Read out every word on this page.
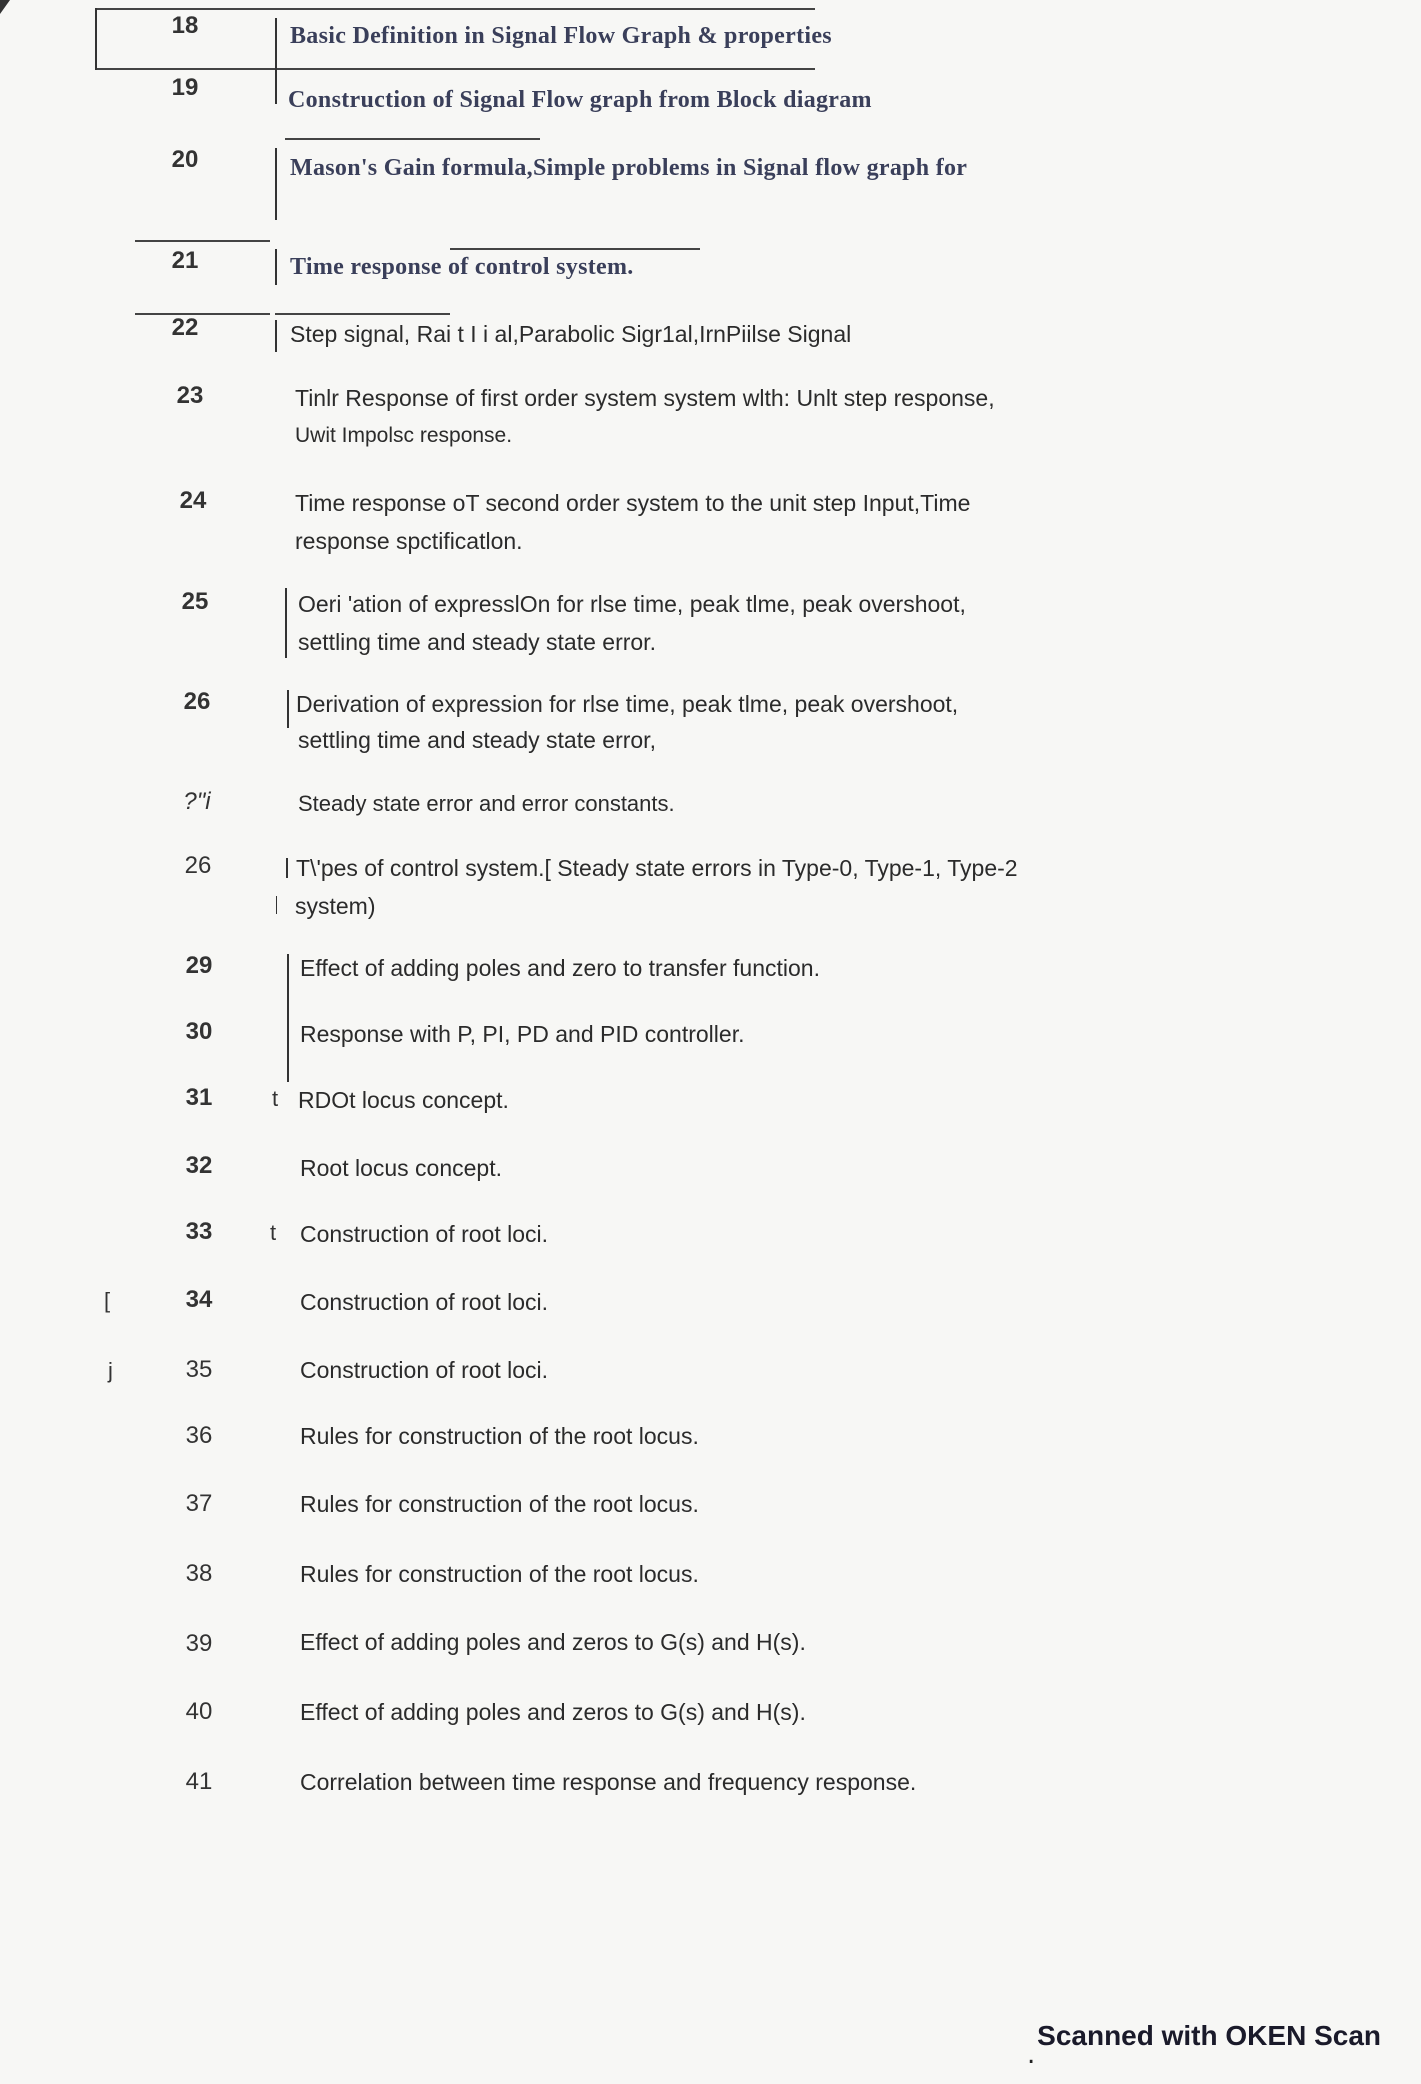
18	Basic Definition in Signal Flow Graph & properties
19	Construction of Signal Flow graph from Block diagram
20	Mason's Gain formula,Simple problems in Signal flow graph for
21	Time response of control system.
22	Step signal, Rai t I i al,Parabolic Sigr1al,IrnPiilse Signal
23	Tinlr Response of first order system system wlth: Unlt step response,
Uwit Impolsc response.
24	Time response oT second order system to the unit step Input,Time
response spctificatlon.
25	Oeri 'ation of expresslOn for rlse time, peak tlme, peak overshoot,
settling time and steady state error.
26	Derivation of expression for rlse time, peak tlme, peak overshoot,
settling time and steady state error,
?"i	Steady state error and error constants.
26	T\'pes of control system.[ Steady state errors in Type-0, Type-1, Type-2
system)
29	Effect of adding poles and zero to transfer function.
30	Response with P, PI, PD and PID controller.
31	t RDOt locus concept.
32	Root locus concept.
33	t Construction of root loci.
[	34	Construction of root loci.
j	35	Construction of root loci.
36	Rules for construction of the root locus.
37	Rules for construction of the root locus.
38	Rules for construction of the root locus.
39	Effect of adding poles and zeros to G(s) and H(s).
40	Effect of adding poles and zeros to G(s) and H(s).
41	Correlation between time response and frequency response.
.
Scanned with OKEN Scan
